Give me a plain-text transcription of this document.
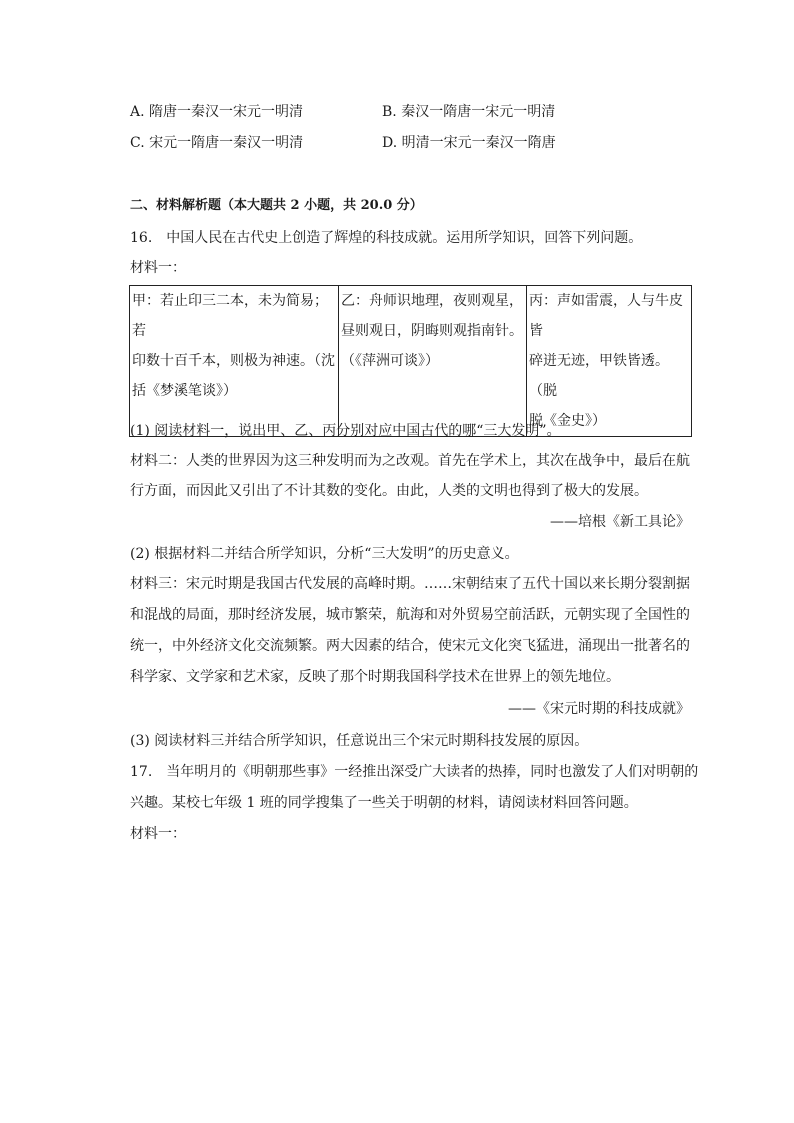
A. 隋唐一秦汉一宋元一明清	B. 秦汉一隋唐一宋元一明清
C. 宋元一隋唐一秦汉一明清	D. 明清一宋元一秦汉一隋唐
二、材料解析题（本大题共 2 小题，共 20.0 分）
16.　中国人民在古代史上创造了辉煌的科技成就。运用所学知识，回答下列问题。
材料一：
甲：若止印三二本，未为简易；若
印数十百千本，则极为神速。（沈
括《梦溪笔谈》）

乙：舟师识地理，夜则观星，
昼则观日，阴晦则观指南针。
（《萍洲可谈》）

丙：声如雷震，人与牛皮皆
碎迸无迹，甲铁皆透。（脱
脱《金史》）
(1) 阅读材料一，说出甲、乙、丙分别对应中国古代的哪“三大发明”。
材料二：人类的世界因为这三种发明而为之改观。首先在学术上，其次在战争中，最后在航
行方面，而因此又引出了不计其数的变化。由此，人类的文明也得到了极大的发展。
——培根《新工具论》
(2) 根据材料二并结合所学知识，分析“三大发明”的历史意义。
材料三：宋元时期是我国古代发展的高峰时期。……宋朝结束了五代十国以来长期分裂割据
和混战的局面，那时经济发展，城市繁荣，航海和对外贸易空前活跃，元朝实现了全国性的
统一，中外经济文化交流频繁。两大因素的结合，使宋元文化突飞猛进，涌现出一批著名的
科学家、文学家和艺术家，反映了那个时期我国科学技术在世界上的领先地位。
——《宋元时期的科技成就》
(3) 阅读材料三并结合所学知识，任意说出三个宋元时期科技发展的原因。
17.　当年明月的《明朝那些事》一经推出深受广大读者的热捧，同时也激发了人们对明朝的
兴趣。某校七年级 1 班的同学搜集了一些关于明朝的材料，请阅读材料回答问题。
材料一：
